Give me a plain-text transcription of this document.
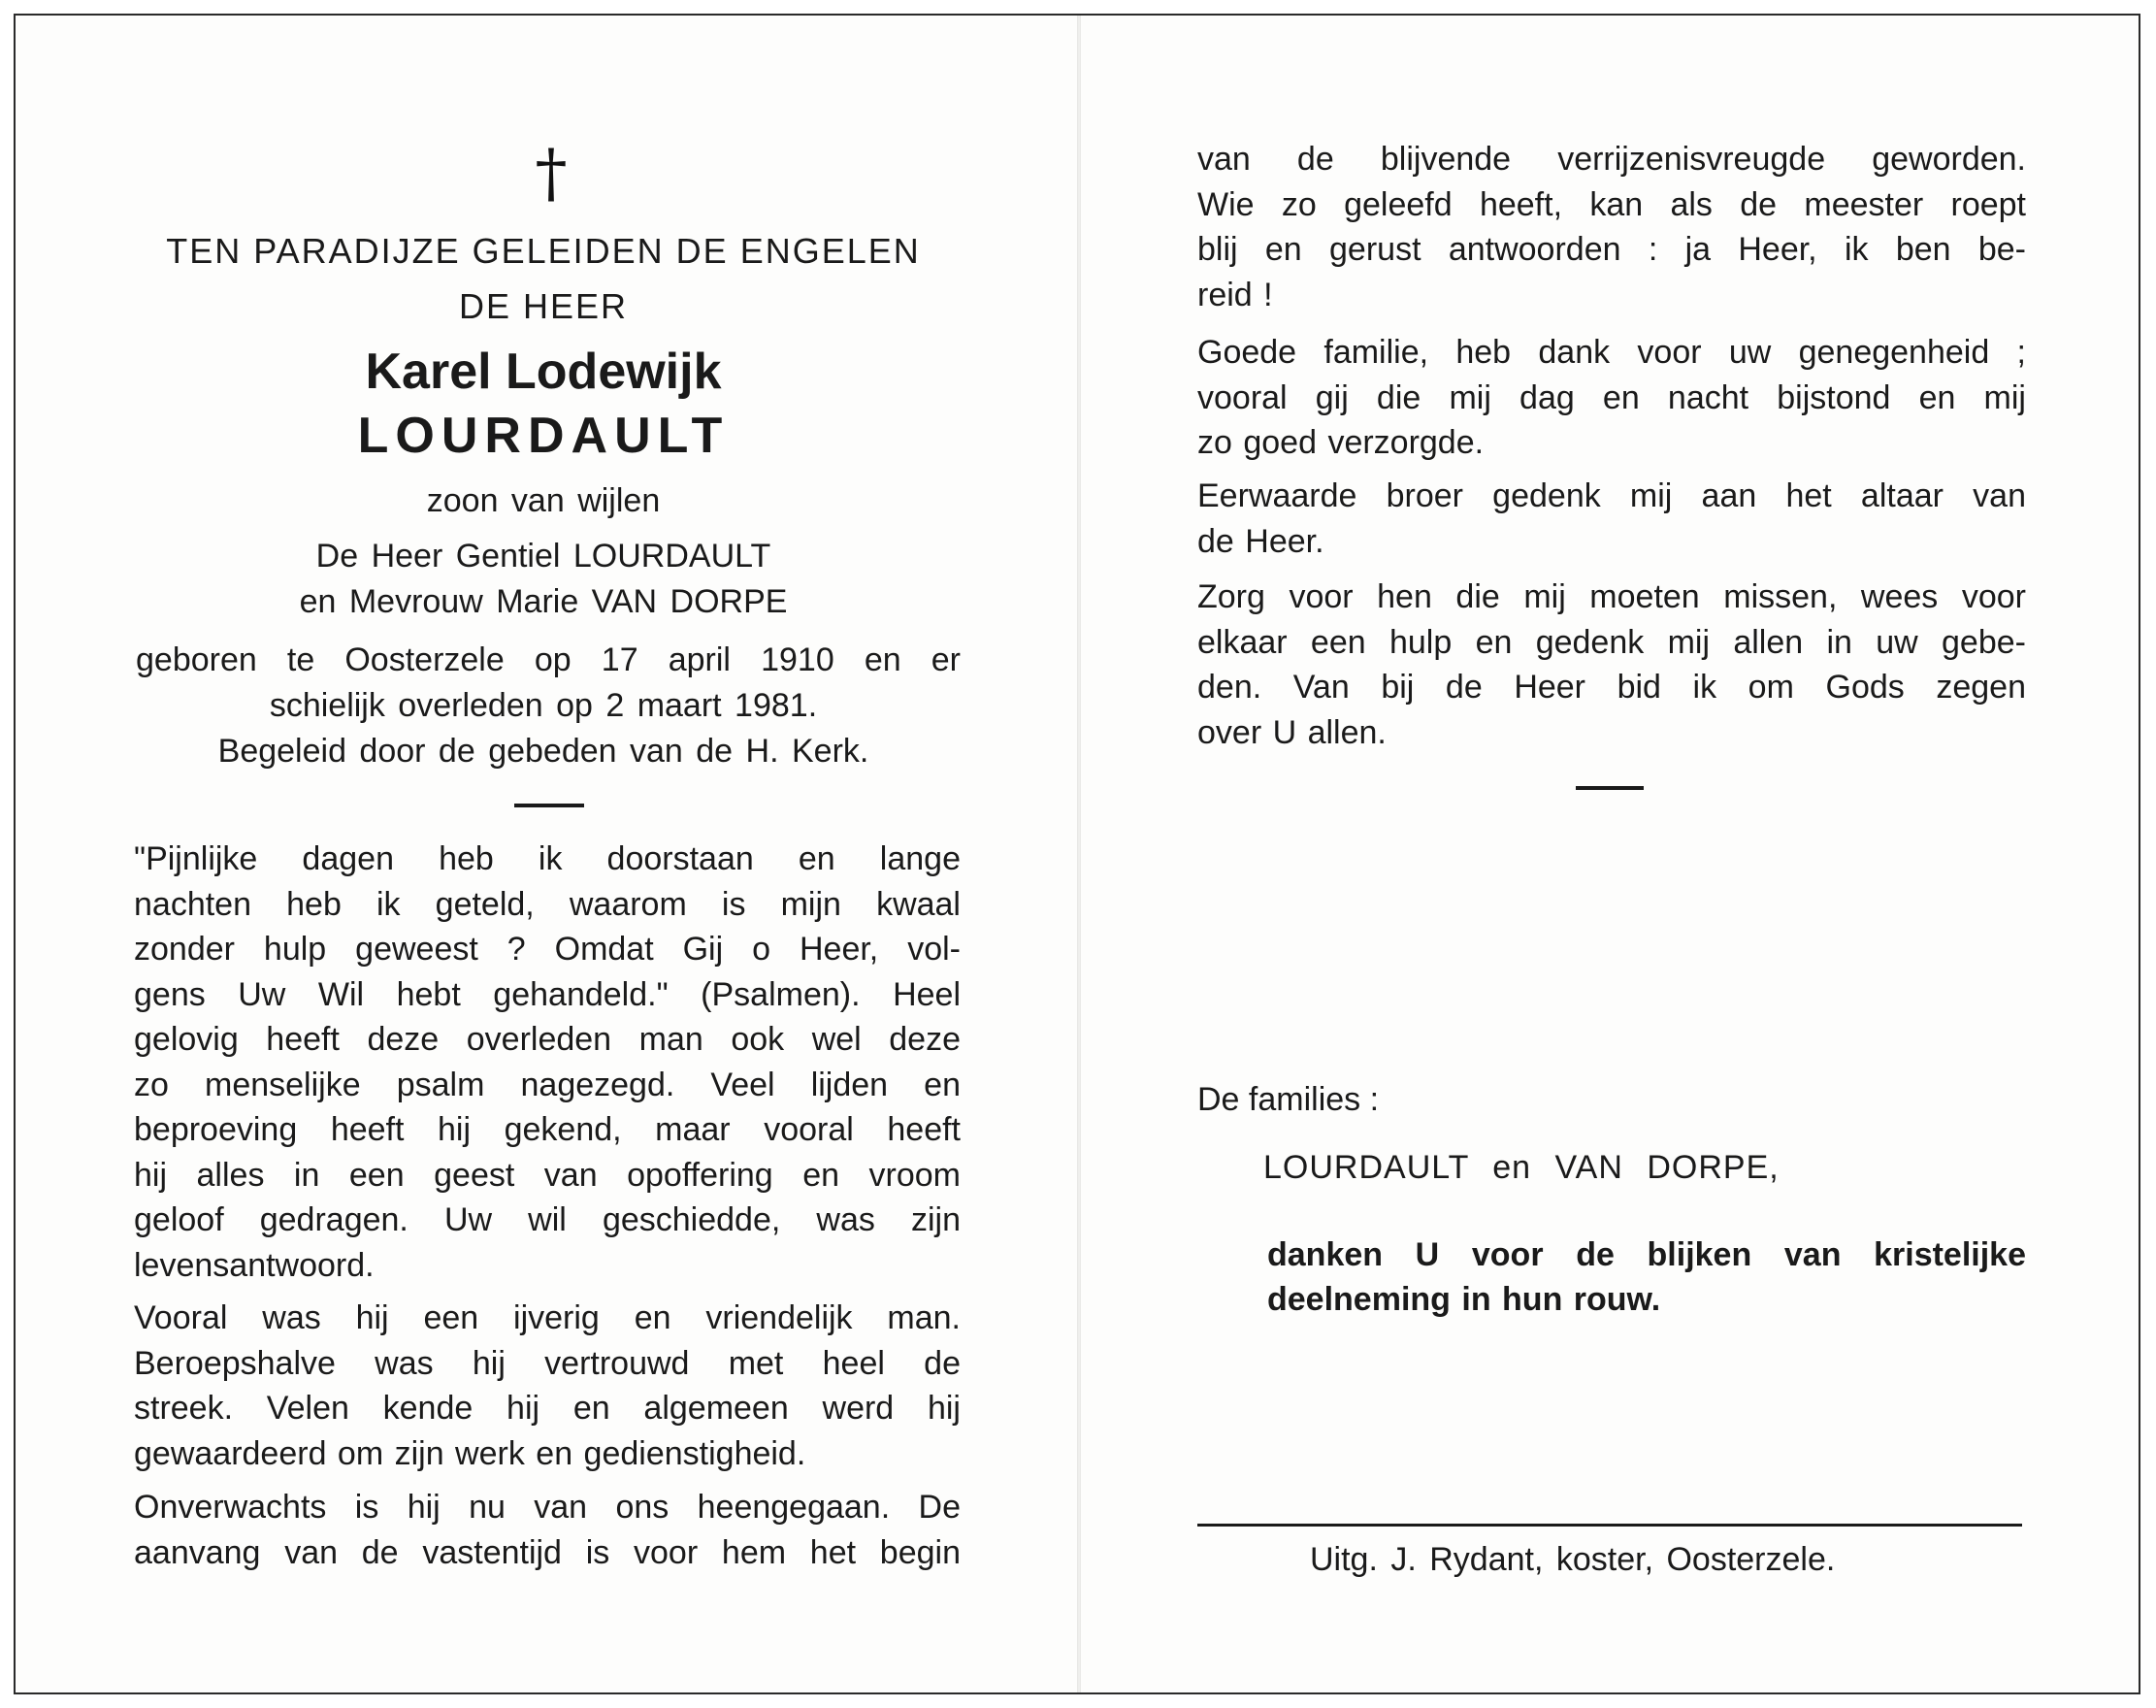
†
TEN PARADIJZE GELEIDEN DE ENGELEN
DE HEER
Karel Lodewijk
LOURDAULT
zoon van wijlen
De Heer Gentiel LOURDAULT
en Mevrouw Marie VAN DORPE
geboren te Oosterzele op 17 april 1910 en er
schielijk overleden op 2 maart 1981.
Begeleid door de gebeden van de H. Kerk.
"Pijnlijke dagen heb ik doorstaan en lange
nachten heb ik geteld, waarom is mijn kwaal
zonder hulp geweest ? Omdat Gij o Heer, vol-
gens Uw Wil hebt gehandeld." (Psalmen). Heel
gelovig heeft deze overleden man ook wel deze
zo menselijke psalm nagezegd. Veel lijden en
beproeving heeft hij gekend, maar vooral heeft
hij alles in een geest van opoffering en vroom
geloof gedragen. Uw wil geschiedde, was zijn
levensantwoord.
Vooral was hij een ijverig en vriendelijk man.
Beroepshalve was hij vertrouwd met heel de
streek. Velen kende hij en algemeen werd hij
gewaardeerd om zijn werk en gedienstigheid.
Onverwachts is hij nu van ons heengegaan. De
aanvang van de vastentijd is voor hem het begin
van de blijvende verrijzenisvreugde geworden.
Wie zo geleefd heeft, kan als de meester roept
blij en gerust antwoorden : ja Heer, ik ben be-
reid !
Goede familie, heb dank voor uw genegenheid ;
vooral gij die mij dag en nacht bijstond en mij
zo goed verzorgde.
Eerwaarde broer gedenk mij aan het altaar van
de Heer.
Zorg voor hen die mij moeten missen, wees voor
elkaar een hulp en gedenk mij allen in uw gebe-
den. Van bij de Heer bid ik om Gods zegen
over U allen.
De families :
LOURDAULT en VAN DORPE,
danken U voor de blijken van kristelijke
deelneming in hun rouw.
Uitg. J. Rydant, koster, Oosterzele.
